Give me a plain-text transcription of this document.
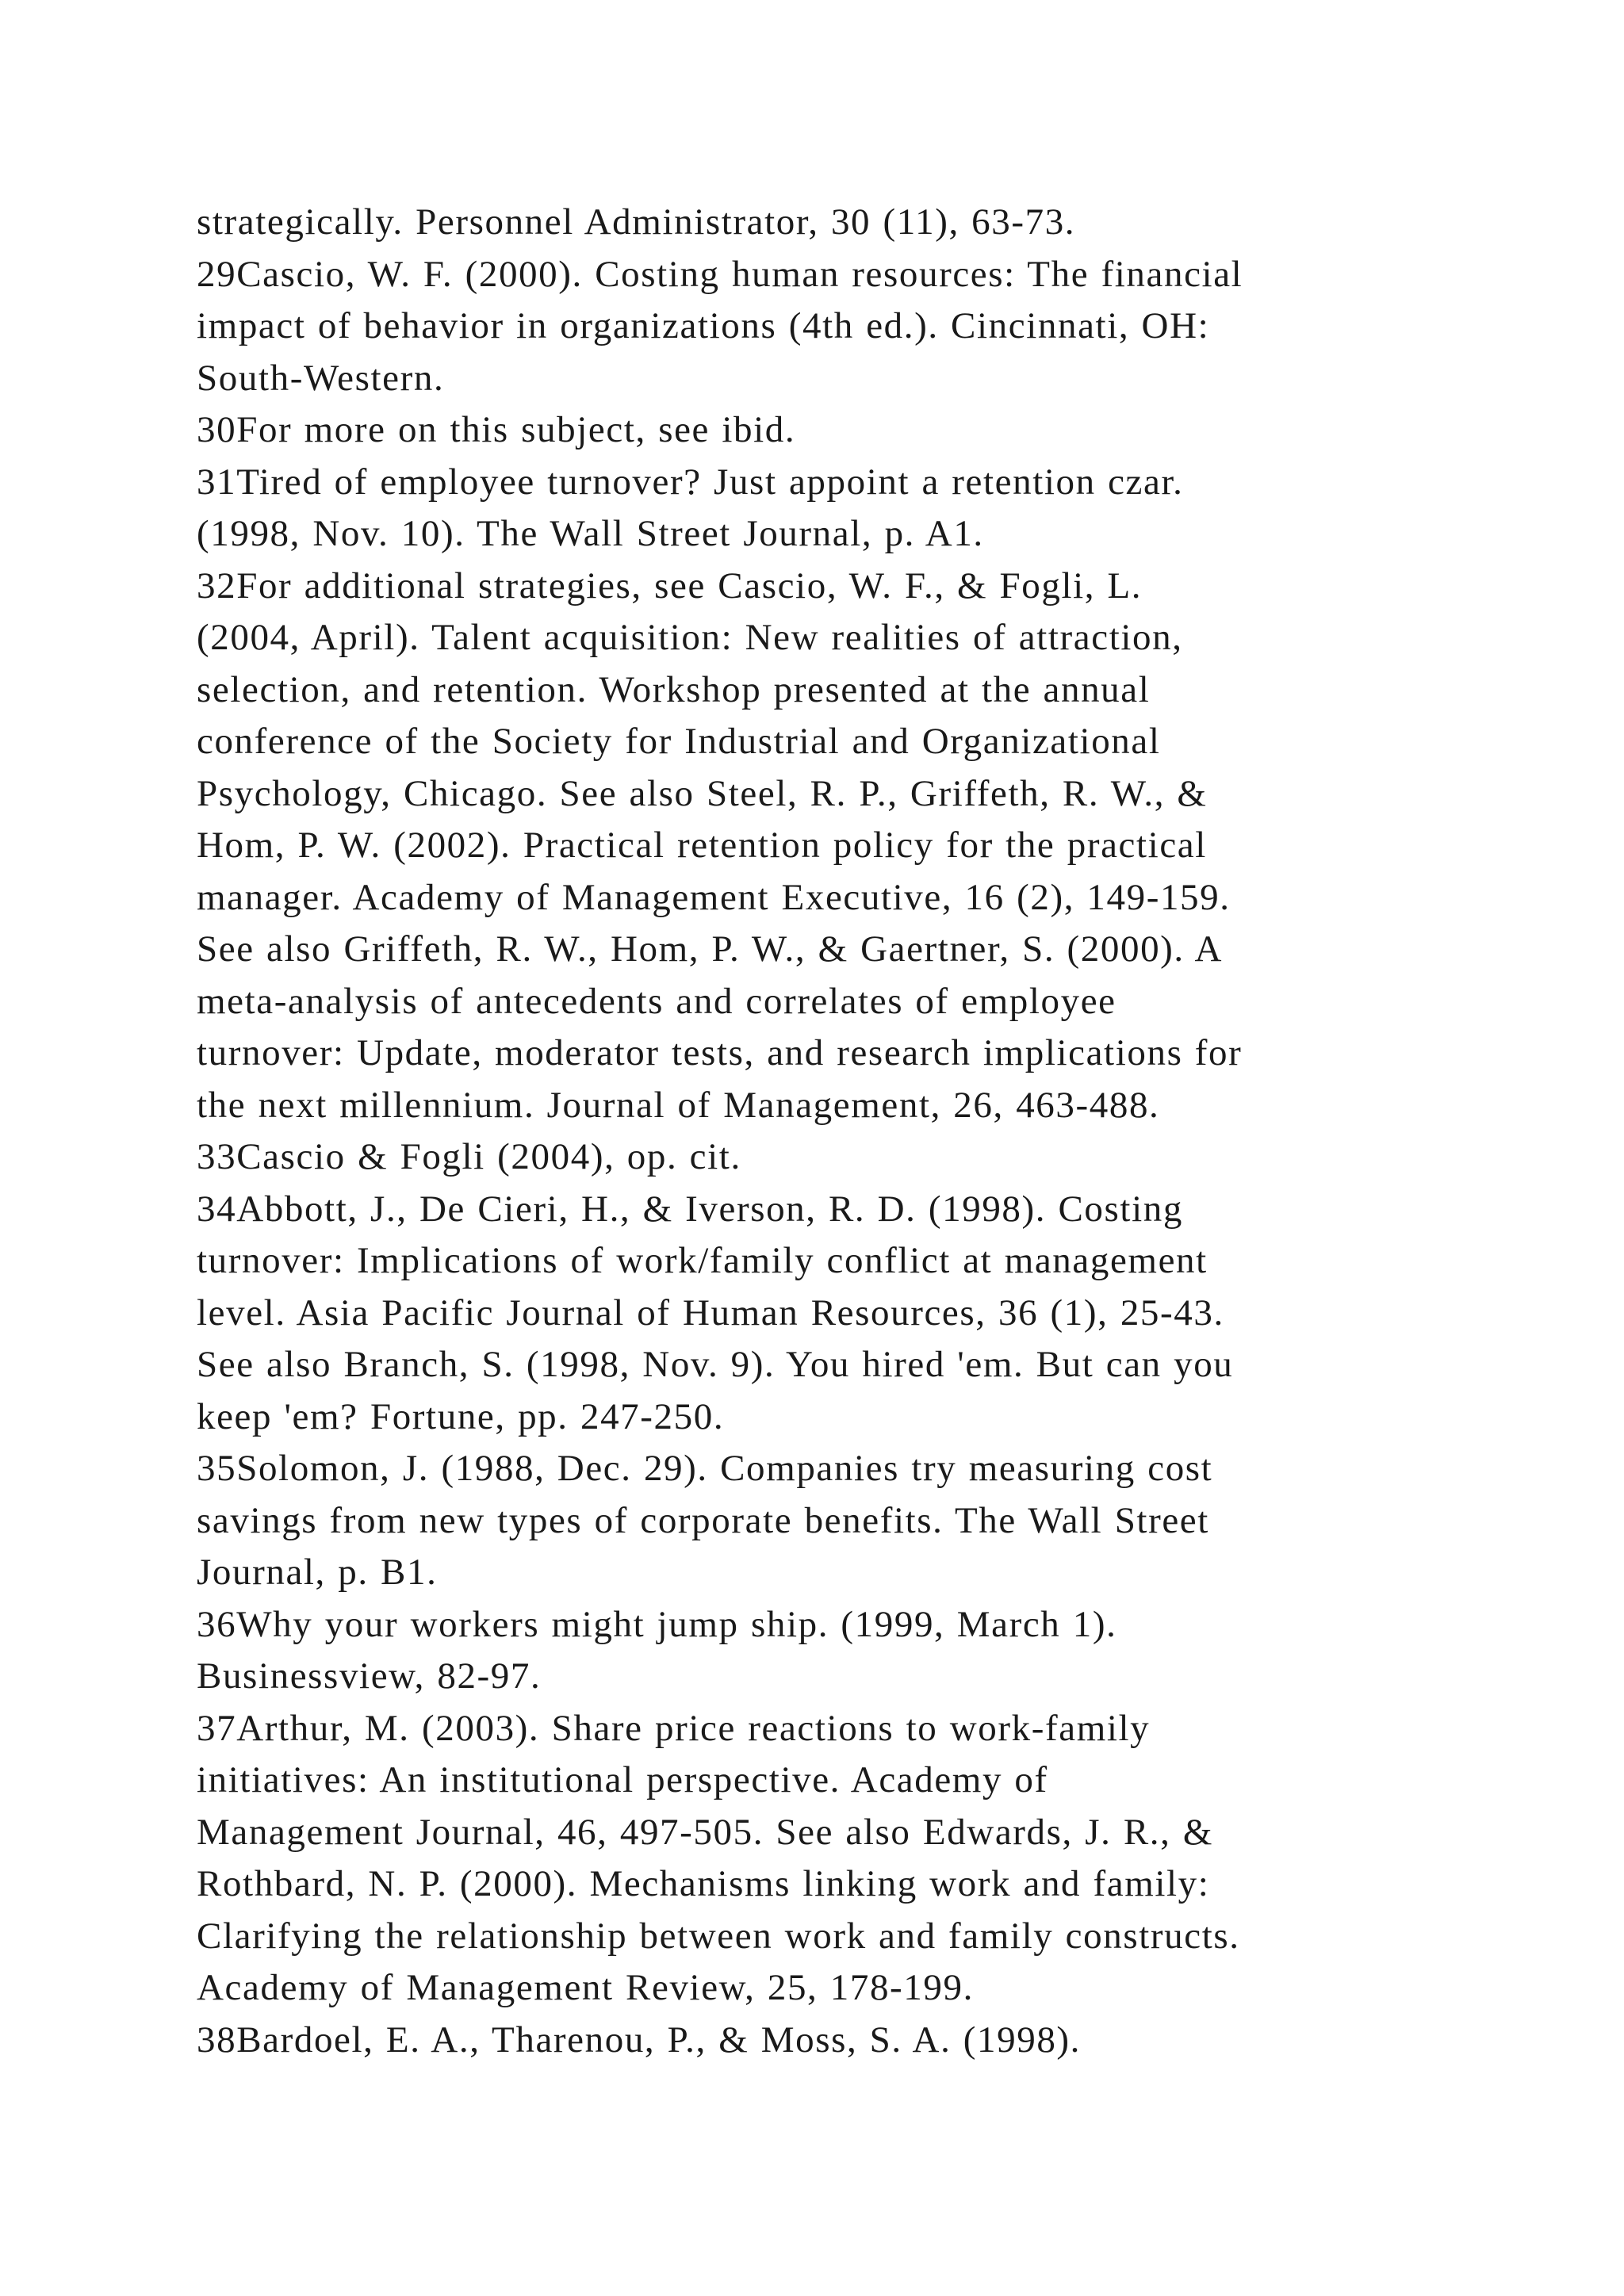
strategically. Personnel Administrator, 30 (11), 63-73.
29Cascio, W. F. (2000). Costing human resources: The financial
impact of behavior in organizations (4th ed.). Cincinnati, OH:
South-Western.
30For more on this subject, see ibid.
31Tired of employee turnover? Just appoint a retention czar.
(1998, Nov. 10). The Wall Street Journal, p. A1.
32For additional strategies, see Cascio, W. F., & Fogli, L.
(2004, April). Talent acquisition: New realities of attraction,
selection, and retention. Workshop presented at the annual
conference of the Society for Industrial and Organizational
Psychology, Chicago. See also Steel, R. P., Griffeth, R. W., &
Hom, P. W. (2002). Practical retention policy for the practical
manager. Academy of Management Executive, 16 (2), 149-159.
See also Griffeth, R. W., Hom, P. W., & Gaertner, S. (2000). A
meta-analysis of antecedents and correlates of employee
turnover: Update, moderator tests, and research implications for
the next millennium. Journal of Management, 26, 463-488.
33Cascio & Fogli (2004), op. cit.
34Abbott, J., De Cieri, H., & Iverson, R. D. (1998). Costing
turnover: Implications of work/family conflict at management
level. Asia Pacific Journal of Human Resources, 36 (1), 25-43.
See also Branch, S. (1998, Nov. 9). You hired 'em. But can you
keep 'em? Fortune, pp. 247-250.
35Solomon, J. (1988, Dec. 29). Companies try measuring cost
savings from new types of corporate benefits. The Wall Street
Journal, p. B1.
36Why your workers might jump ship. (1999, March 1).
Businessview, 82-97.
37Arthur, M. (2003). Share price reactions to work-family
initiatives: An institutional perspective. Academy of
Management Journal, 46, 497-505. See also Edwards, J. R., &
Rothbard, N. P. (2000). Mechanisms linking work and family:
Clarifying the relationship between work and family constructs.
Academy of Management Review, 25, 178-199.
38Bardoel, E. A., Tharenou, P., & Moss, S. A. (1998).
